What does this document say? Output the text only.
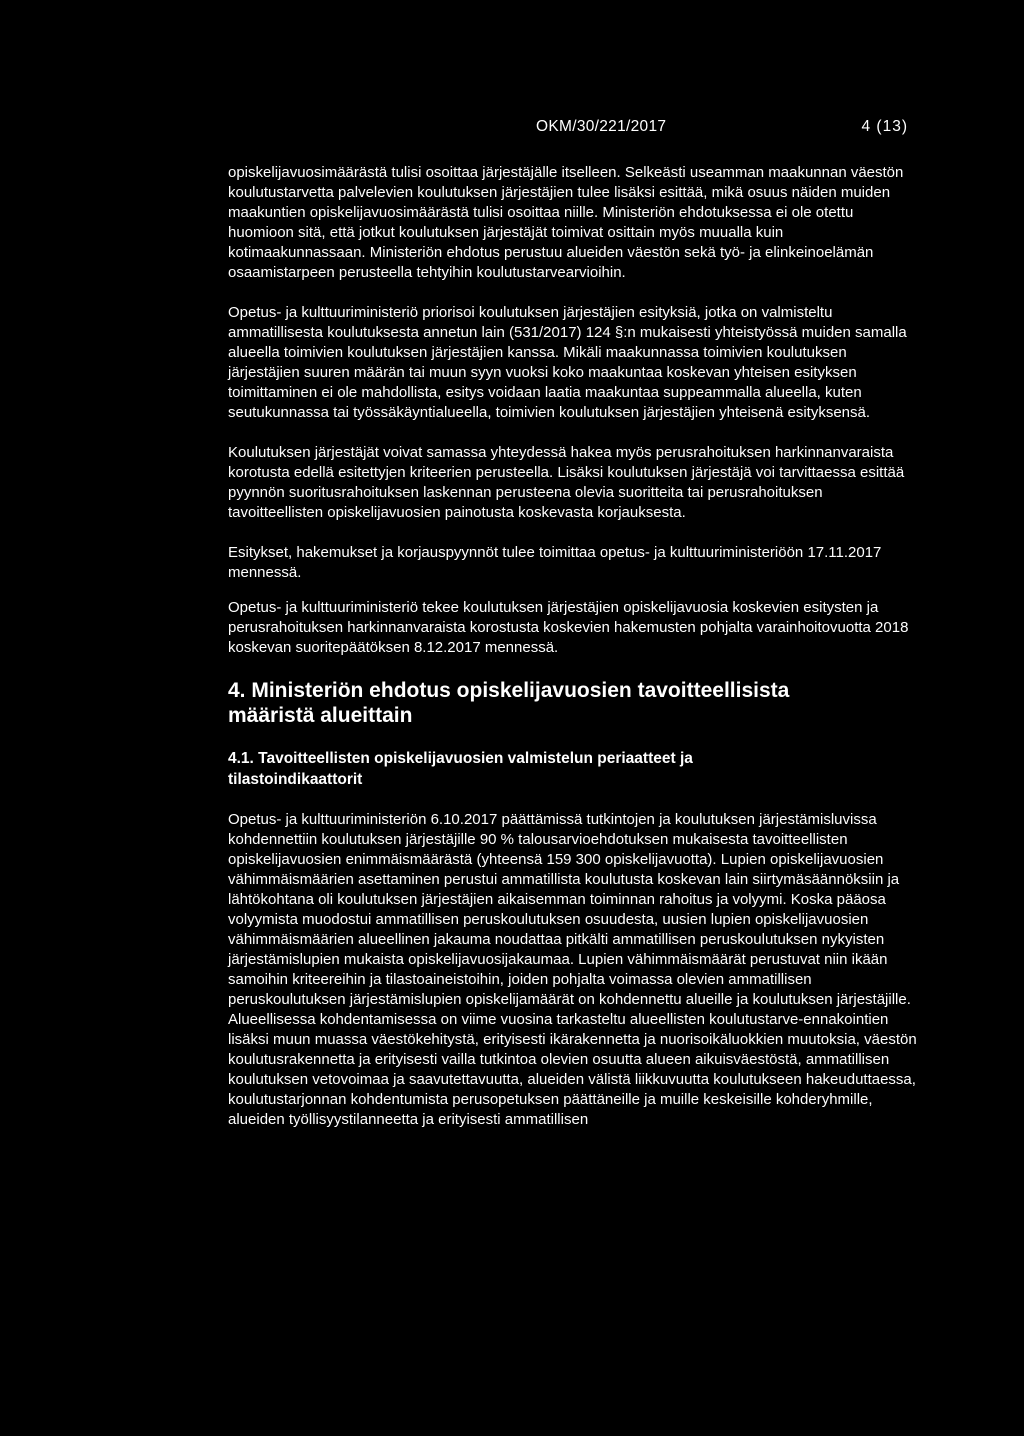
OKM/30/221/2017	4 (13)

opiskelijavuosimäärästä tulisi osoittaa järjestäjälle itselleen. Selkeästi useamman maakunnan väestön koulutustarvetta palvelevien koulutuksen järjestäjien tulee lisäksi esittää, mikä osuus näiden muiden maakuntien opiskelijavuosimäärästä tulisi osoittaa niille. Ministeriön ehdotuksessa ei ole otettu huomioon sitä, että jotkut koulutuksen järjestäjät toimivat osittain myös muualla kuin kotimaakunnassaan. Ministeriön ehdotus perustuu alueiden väestön sekä työ- ja elinkeinoelämän osaamistarpeen perusteella tehtyihin koulutustarvearvioihin.

Opetus- ja kulttuuriministeriö priorisoi koulutuksen järjestäjien esityksiä, jotka on valmisteltu ammatillisesta koulutuksesta annetun lain (531/2017) 124 §:n mukaisesti yhteistyössä muiden samalla alueella toimivien koulutuksen järjestäjien kanssa. Mikäli maakunnassa toimivien koulutuksen järjestäjien suuren määrän tai muun syyn vuoksi koko maakuntaa koskevan yhteisen esityksen toimittaminen ei ole mahdollista, esitys voidaan laatia maakuntaa suppeammalla alueella, kuten seutukunnassa tai työssäkäyntialueella, toimivien koulutuksen järjestäjien yhteisenä esityksensä.

Koulutuksen järjestäjät voivat samassa yhteydessä hakea myös perusrahoituksen harkinnanvaraista korotusta edellä esitettyjen kriteerien perusteella. Lisäksi koulutuksen järjestäjä voi tarvittaessa esittää pyynnön suoritusrahoituksen laskennan perusteena olevia suoritteita tai perusrahoituksen tavoitteellisten opiskelijavuosien painotusta koskevasta korjauksesta.

Esitykset, hakemukset ja korjauspyynnöt tulee toimittaa opetus- ja kulttuuriministeriöön 17.11.2017 mennessä.

Opetus- ja kulttuuriministeriö tekee koulutuksen järjestäjien opiskelijavuosia koskevien esitysten ja perusrahoituksen harkinnanvaraista korostusta koskevien hakemusten pohjalta varainhoitovuotta 2018 koskevan suoritepäätöksen 8.12.2017 mennessä.

4. Ministeriön ehdotus opiskelijavuosien tavoitteellisista määristä alueittain
4.1. Tavoitteellisten opiskelijavuosien valmistelun periaatteet ja tilastoindikaattorit

Opetus- ja kulttuuriministeriön 6.10.2017 päättämissä tutkintojen ja koulutuksen järjestämisluvissa kohdennettiin koulutuksen järjestäjille 90 % talousarvioehdotuksen mukaisesta tavoitteellisten opiskelijavuosien enimmäismäärästä (yhteensä 159 300 opiskelijavuotta). Lupien opiskelijavuosien vähimmäismäärien asettaminen perustui ammatillista koulutusta koskevan lain siirtymäsäännöksiin ja lähtökohtana oli koulutuksen järjestäjien aikaisemman toiminnan rahoitus ja volyymi. Koska pääosa volyymista muodostui ammatillisen peruskoulutuksen osuudesta, uusien lupien opiskelijavuosien vähimmäismäärien alueellinen jakauma noudattaa pitkälti ammatillisen peruskoulutuksen nykyisten järjestämislupien mukaista opiskelijavuosijakaumaa. Lupien vähimmäismäärät perustuvat niin ikään samoihin kriteereihin ja tilastoaineistoihin, joiden pohjalta voimassa olevien ammatillisen peruskoulutuksen järjestämislupien opiskelijamäärät on kohdennettu alueille ja koulutuksen järjestäjille. Alueellisessa kohdentamisessa on viime vuosina tarkasteltu alueellisten koulutustarve-ennakointien lisäksi muun muassa väestökehitystä, erityisesti ikärakennetta ja nuorisoikäluokkien muutoksia, väestön koulutusrakennetta ja erityisesti vailla tutkintoa olevien osuutta alueen aikuisväestöstä, ammatillisen koulutuksen vetovoimaa ja saavutettavuutta, alueiden välistä liikkuvuutta koulutukseen hakeuduttaessa, koulutustarjonnan kohdentumista perusopetuksen päättäneille ja muille keskeisille kohderyhmille, alueiden työllisyystilanneetta ja erityisesti ammatillisen
